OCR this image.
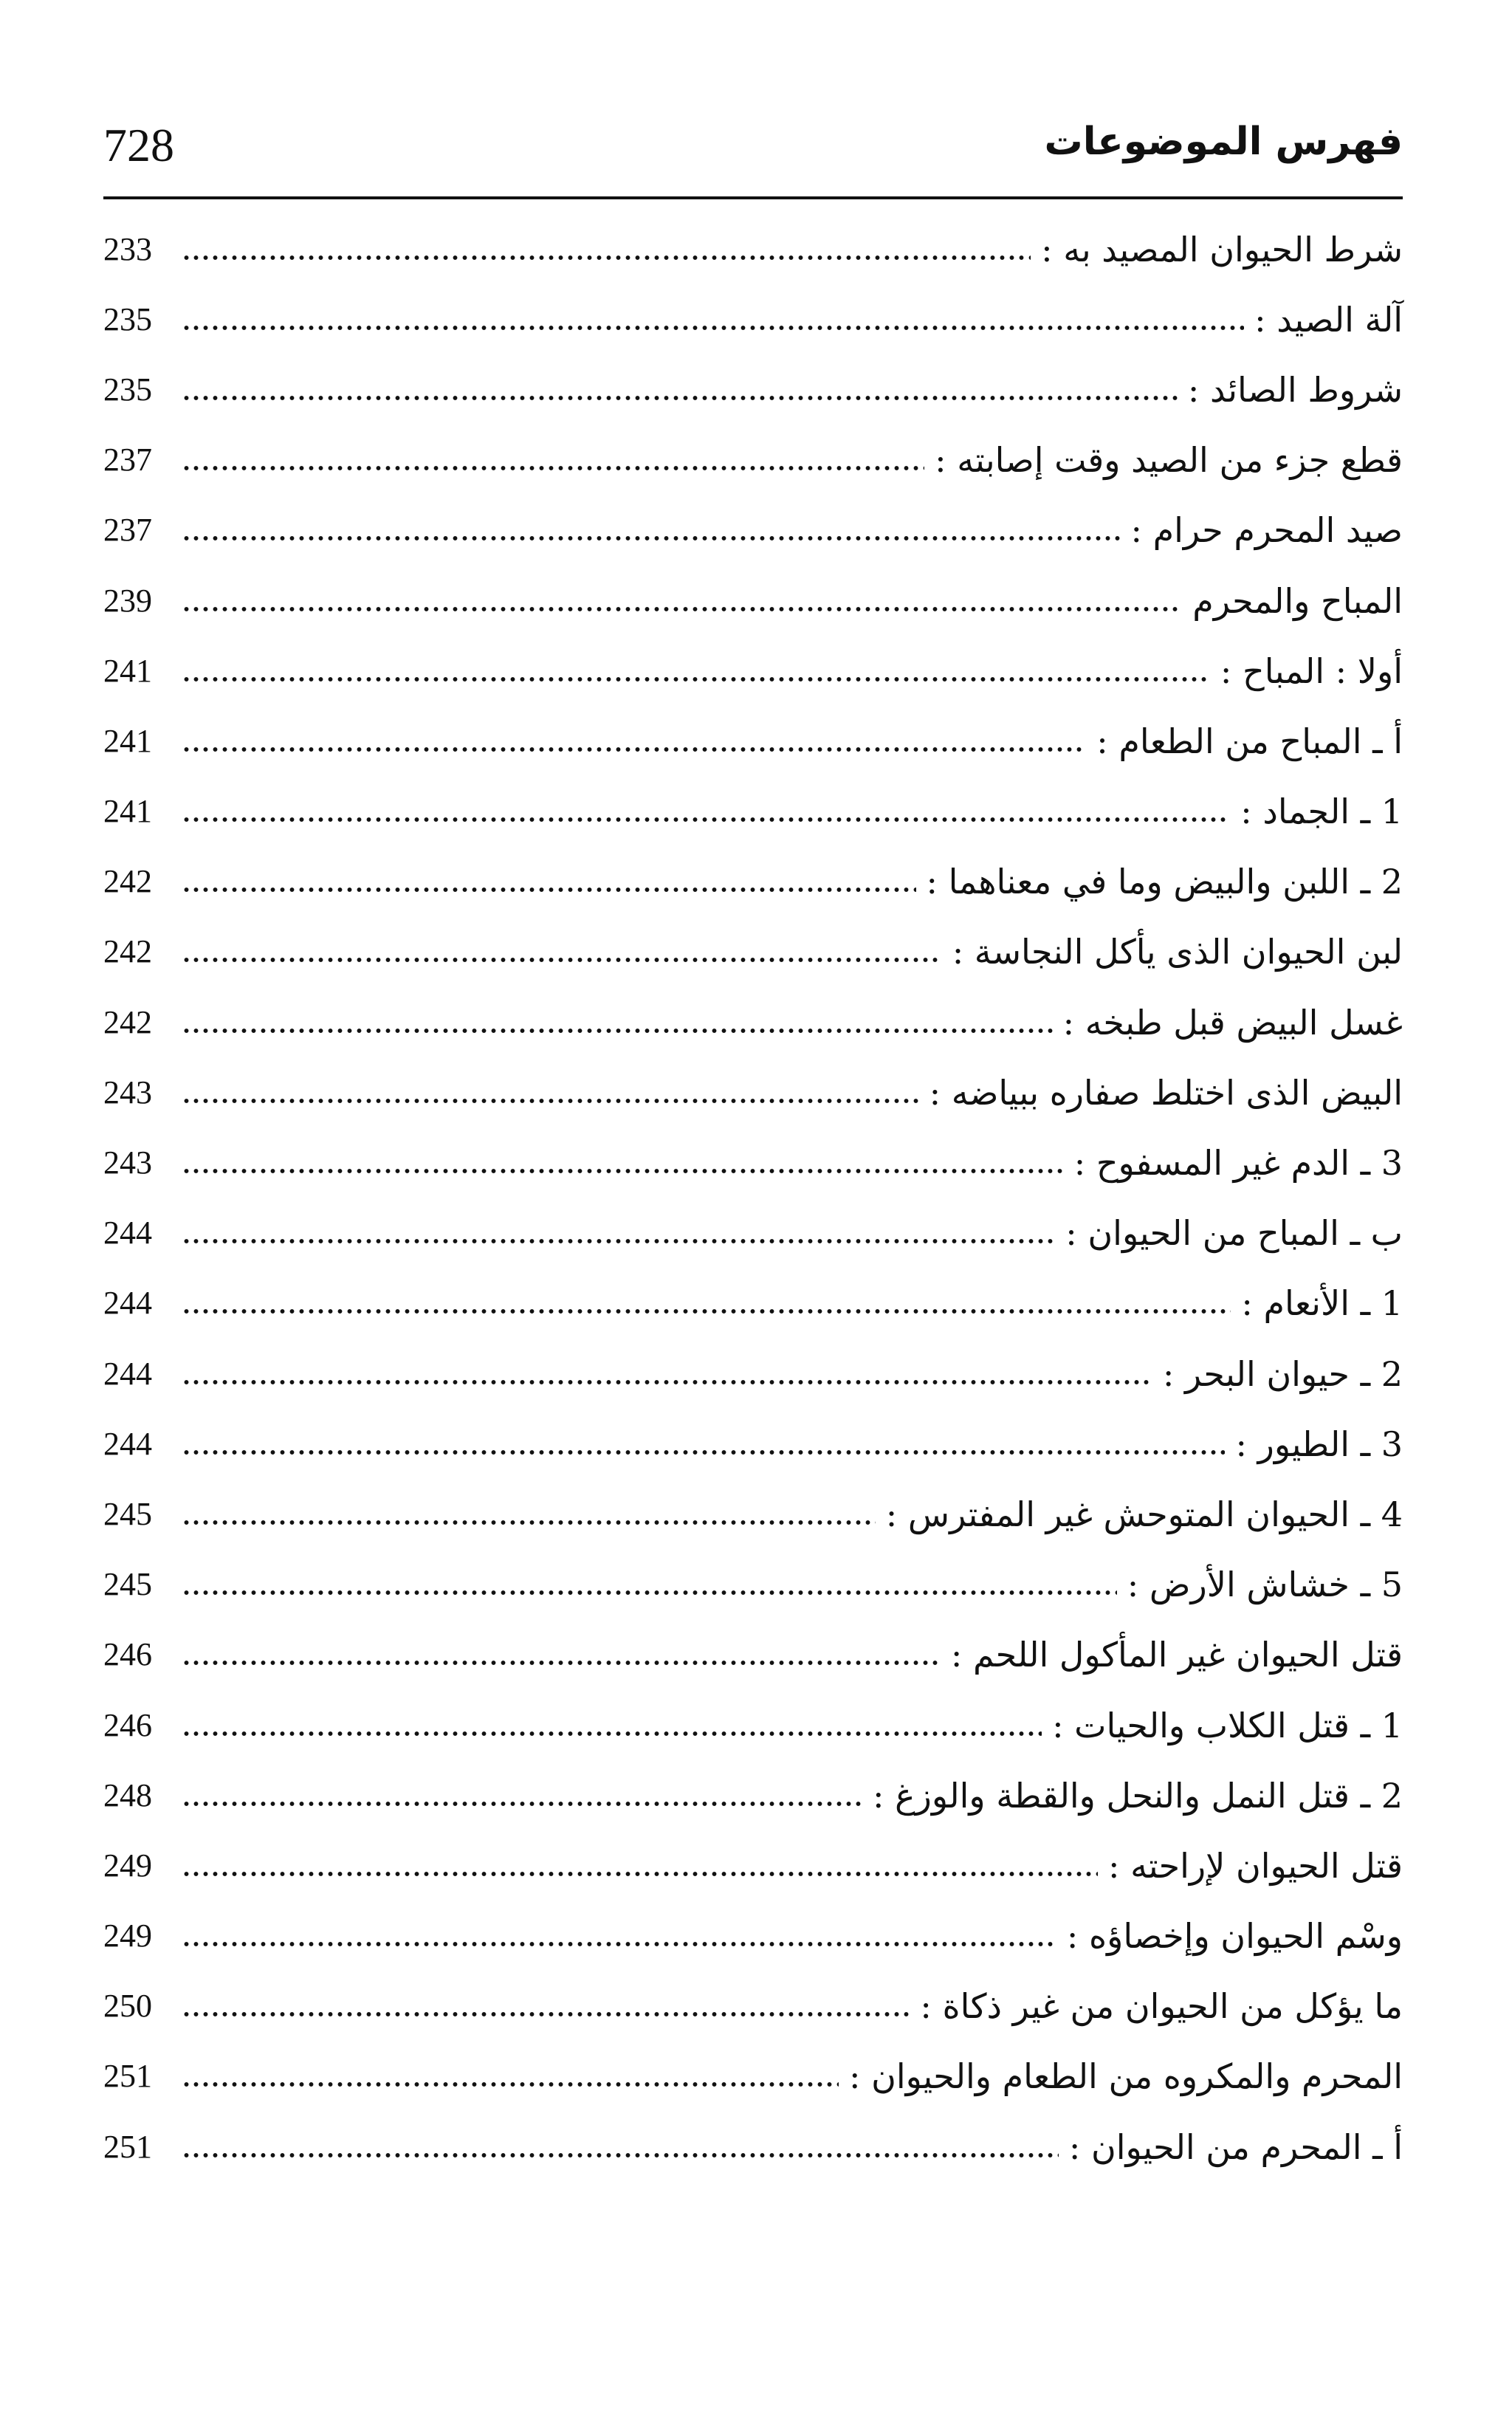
728	فهرس الموضوعات
شرط الحيوان المصيد به :
233
آلة الصيد :
235
شروط الصائد :
235
قطع جزء من الصيد وقت إصابته :
237
صيد المحرم حرام :
237
المباح والمحرم
239
أولا : المباح :
241
أ ـ المباح من الطعام :
241
1 ـ الجماد :
241
2 ـ اللبن والبيض وما في معناهما :
242
لبن الحيوان الذى يأكل النجاسة :
242
غسل البيض قبل طبخه :
242
البيض الذى اختلط صفاره ببياضه :
243
3 ـ الدم غير المسفوح :
243
ب ـ المباح من الحيوان :
244
1 ـ الأنعام :
244
2 ـ حيوان البحر :
244
3 ـ الطيور :
244
4 ـ الحيوان المتوحش غير المفترس :
245
5 ـ خشاش الأرض :
245
قتل الحيوان غير المأكول اللحم :
246
1 ـ قتل الكلاب والحيات :
246
2 ـ قتل النمل والنحل والقطة والوزغ :
248
قتل الحيوان لإراحته :
249
وسْم الحيوان وإخصاؤه :
249
ما يؤكل من الحيوان من غير ذكاة :
250
المحرم والمكروه من الطعام والحيوان :
251
أ ـ المحرم من الحيوان :
251
